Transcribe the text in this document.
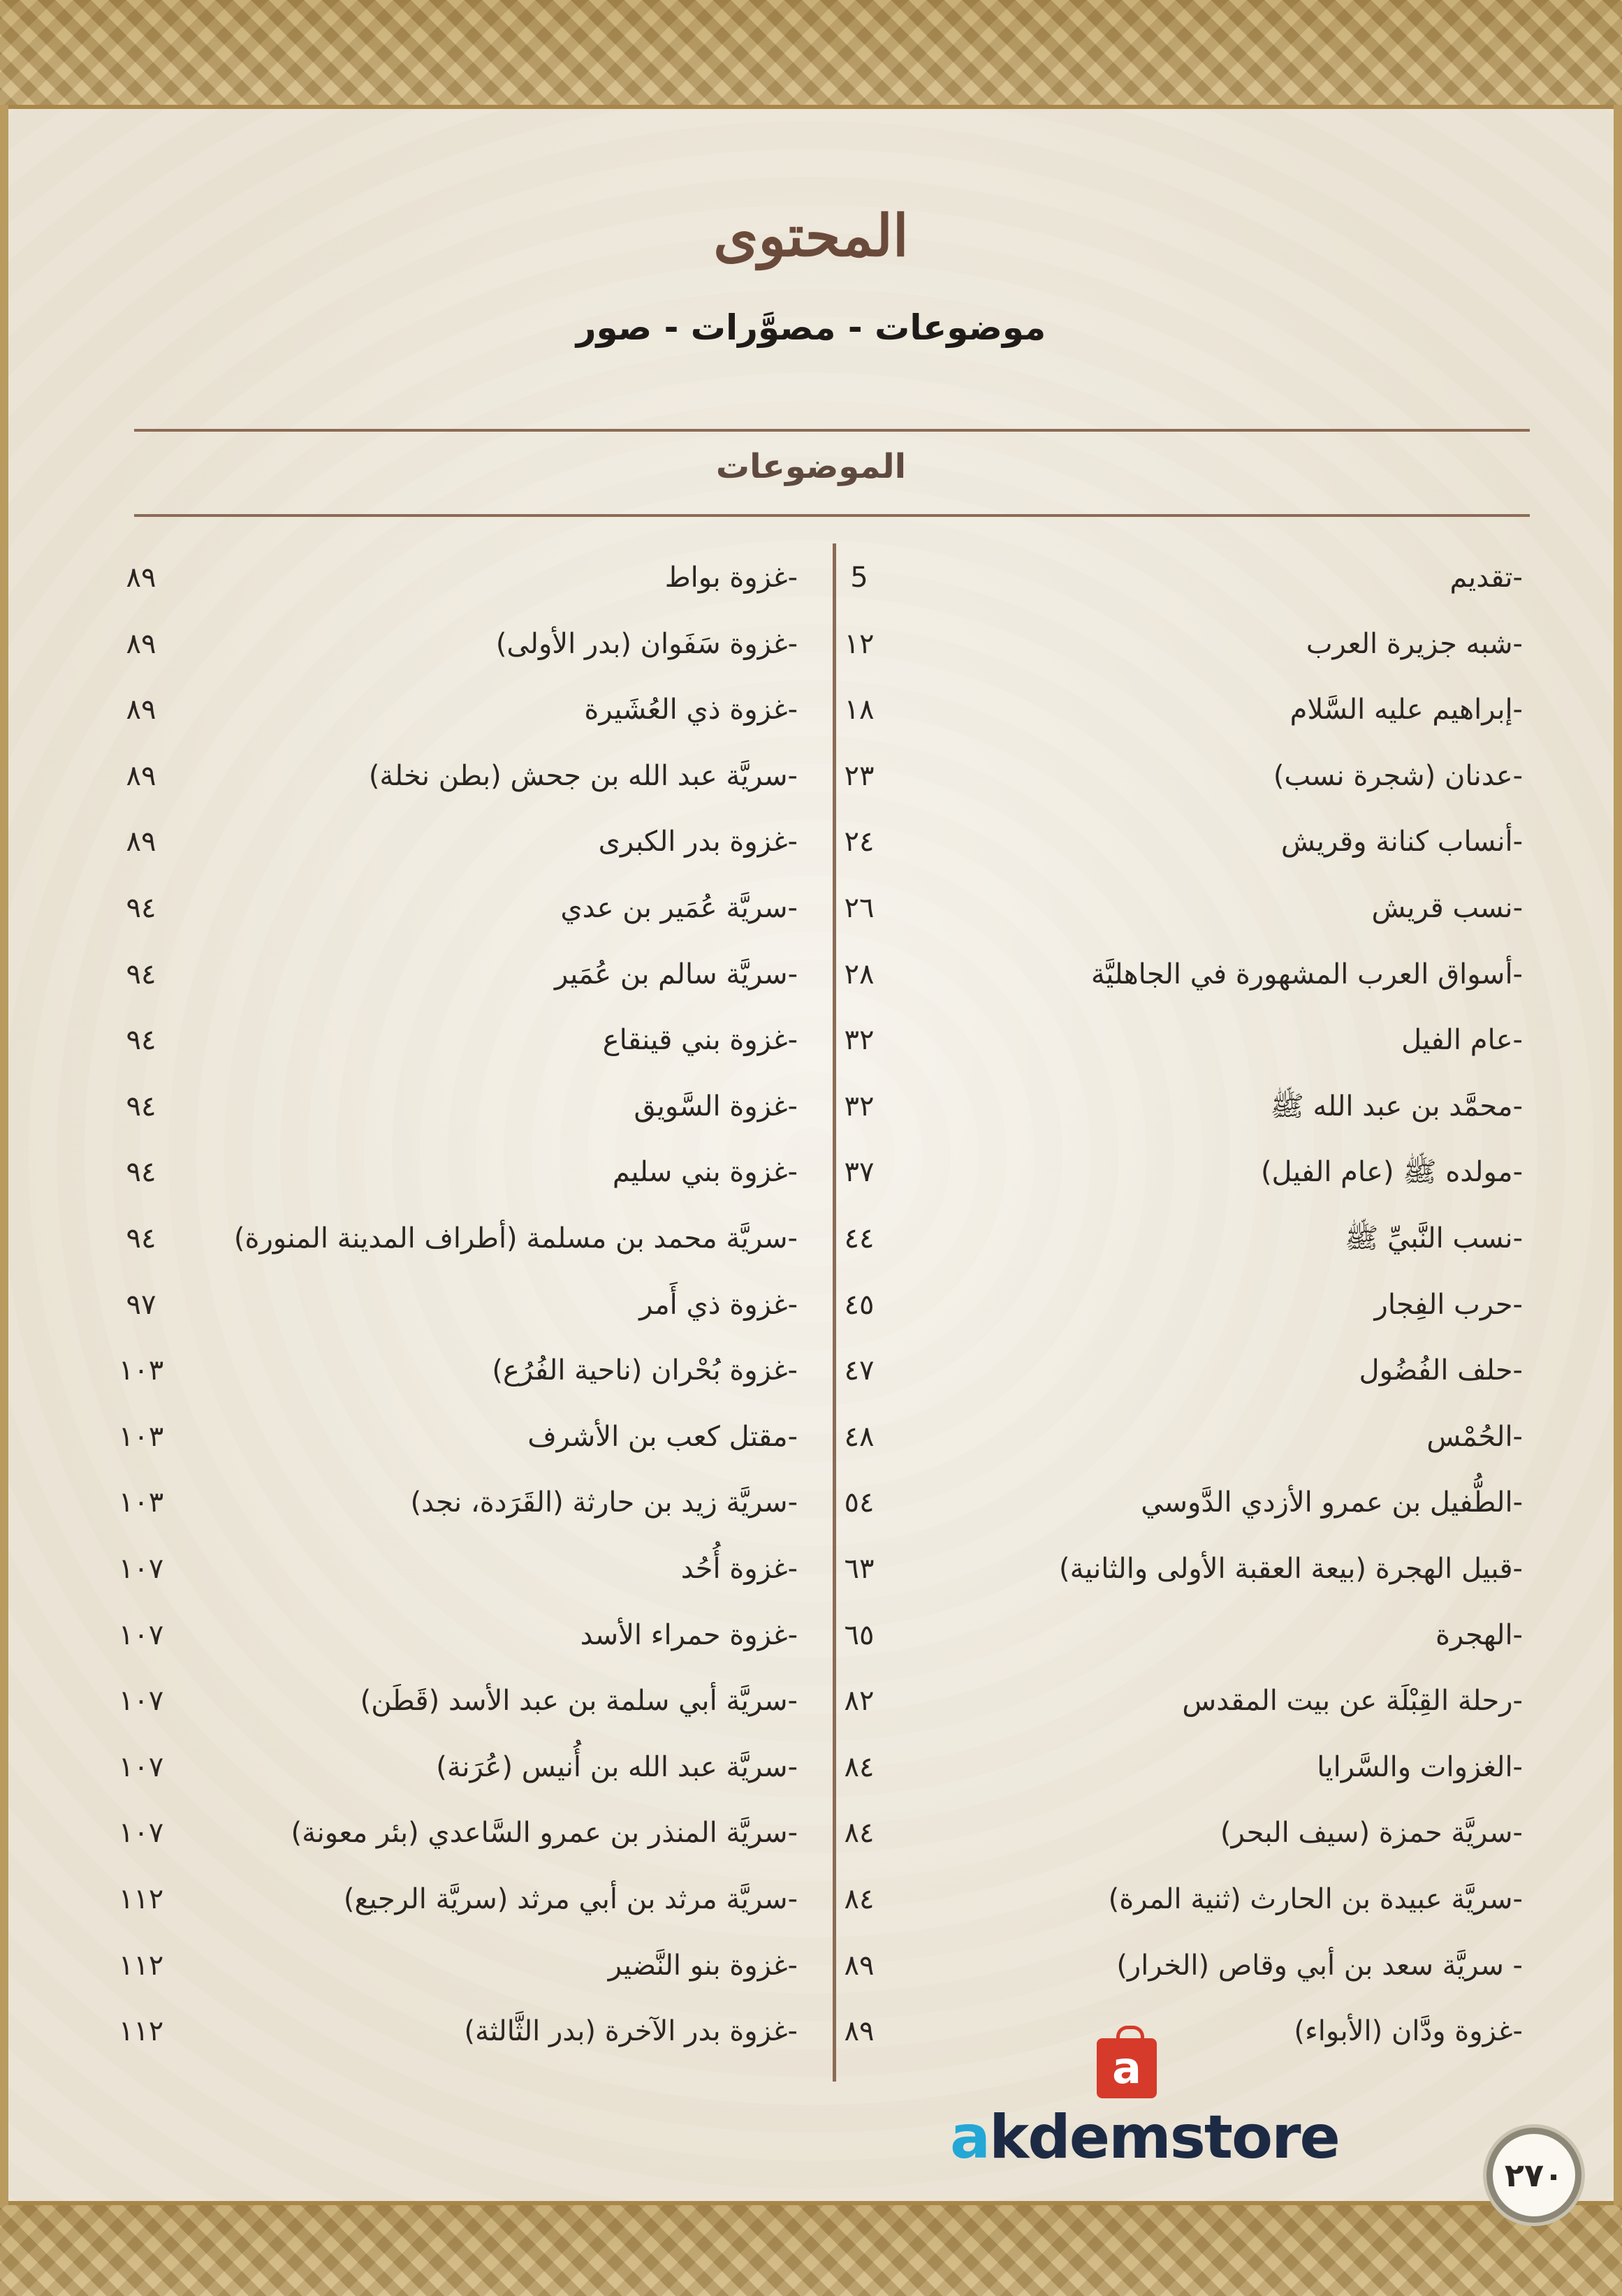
المحتوى
موضوعات - مصوَّرات - صور
الموضوعات
-تقديم
5
-شبه جزيرة العرب
١٢
-إبراهيم عليه السَّلام
١٨
-عدنان (شجرة نسب)
٢٣
-أنساب كنانة وقريش
٢٤
-نسب قريش
٢٦
-أسواق العرب المشهورة في الجاهليَّة
٢٨
-عام الفيل
٣٢
-محمَّد بن عبد الله ﷺ
٣٢
-مولده ﷺ (عام الفيل)
٣٧
-نسب النَّبيِّ ﷺ
٤٤
-حرب الفِجار
٤٥
-حلف الفُضُول
٤٧
-الحُمْس
٤٨
-الطُّفيل بن عمرو الأزدي الدَّوسي
٥٤
-قبيل الهجرة (بيعة العقبة الأولى والثانية)
٦٣
-الهجرة
٦٥
-رحلة القِبْلَة عن بيت المقدس
٨٢
-الغزوات والسَّرايا
٨٤
-سريَّة حمزة (سيف البحر)
٨٤
-سريَّة عبيدة بن الحارث (ثنية المرة)
٨٤
- سريَّة سعد بن أبي وقاص (الخرار)
٨٩
-غزوة ودَّان (الأبواء)
٨٩
-غزوة بواط
٨٩
-غزوة سَفَوان (بدر الأولى)
٨٩
-غزوة ذي العُشَيرة
٨٩
-سريَّة عبد الله بن جحش (بطن نخلة)
٨٩
-غزوة بدر الكبرى
٨٩
-سريَّة عُمَير بن عدي
٩٤
-سريَّة سالم بن عُمَير
٩٤
-غزوة بني قينقاع
٩٤
-غزوة السَّويق
٩٤
-غزوة بني سليم
٩٤
-سريَّة محمد بن مسلمة (أطراف المدينة المنورة)
٩٤
-غزوة ذي أَمر
٩٧
-غزوة بُحْران (ناحية الفُرُع)
١٠٣
-مقتل كعب بن الأشرف
١٠٣
-سريَّة زيد بن حارثة (القَرَدة، نجد)
١٠٣
-غزوة أُحُد
١٠٧
-غزوة حمراء الأسد
١٠٧
-سريَّة أبي سلمة بن عبد الأسد (قَطَن)
١٠٧
-سريَّة عبد الله بن أُنيس (عُرَنة)
١٠٧
-سريَّة المنذر بن عمرو السَّاعدي (بئر معونة)
١٠٧
-سريَّة مرثد بن أبي مرثد (سريَّة الرجيع)
١١٢
-غزوة بنو النَّضير
١١٢
-غزوة بدر الآخرة (بدر الثَّالثة)
١١٢
a
akdemstore
٢٧٠
